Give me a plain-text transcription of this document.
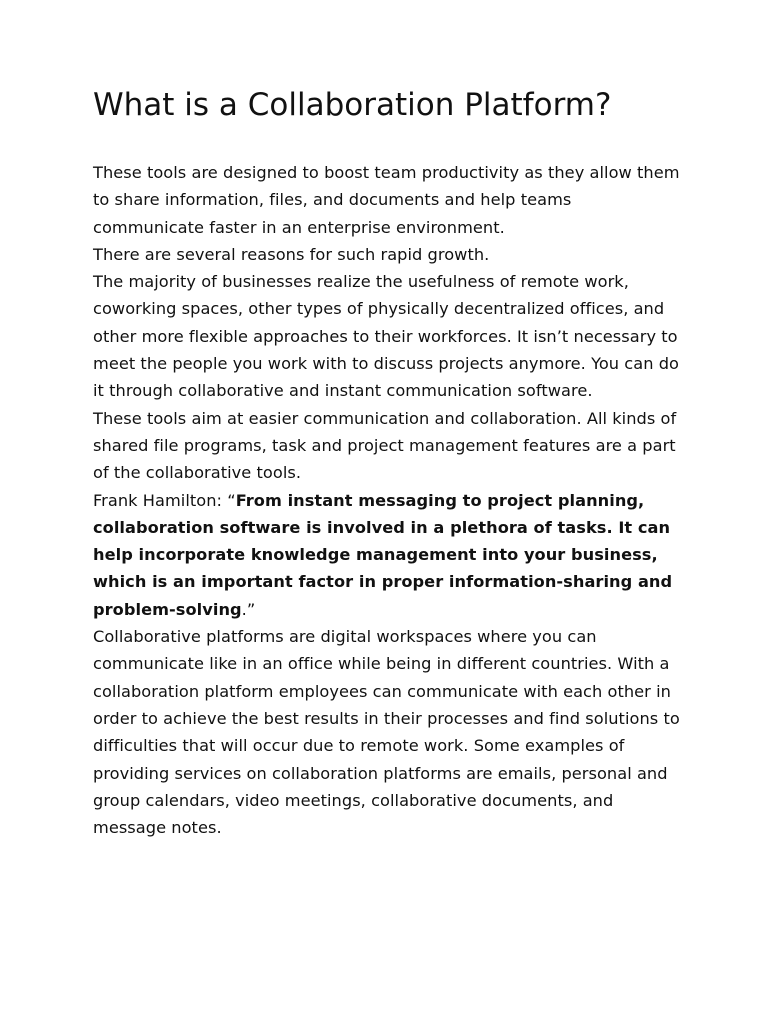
What is a Collaboration Platform?

These tools are designed to boost team productivity as they allow them to share information, files, and documents and help teams communicate faster in an enterprise environment.

There are several reasons for such rapid growth.

The majority of businesses realize the usefulness of remote work, coworking spaces, other types of physically decentralized offices, and other more flexible approaches to their workforces. It isn’t necessary to meet the people you work with to discuss projects anymore. You can do it through collaborative and instant communication software.

These tools aim at easier communication and collaboration. All kinds of shared file programs, task and project management features are a part of the collaborative tools.

Frank Hamilton: “From instant messaging to project planning, collaboration software is involved in a plethora of tasks. It can help incorporate knowledge management into your business, which is an important factor in proper information-sharing and problem-solving.”

Collaborative platforms are digital workspaces where you can communicate like in an office while being in different countries. With a collaboration platform employees can communicate with each other in order to achieve the best results in their processes and find solutions to difficulties that will occur due to remote work. Some examples of providing services on collaboration platforms are emails, personal and group calendars, video meetings, collaborative documents, and message notes.
